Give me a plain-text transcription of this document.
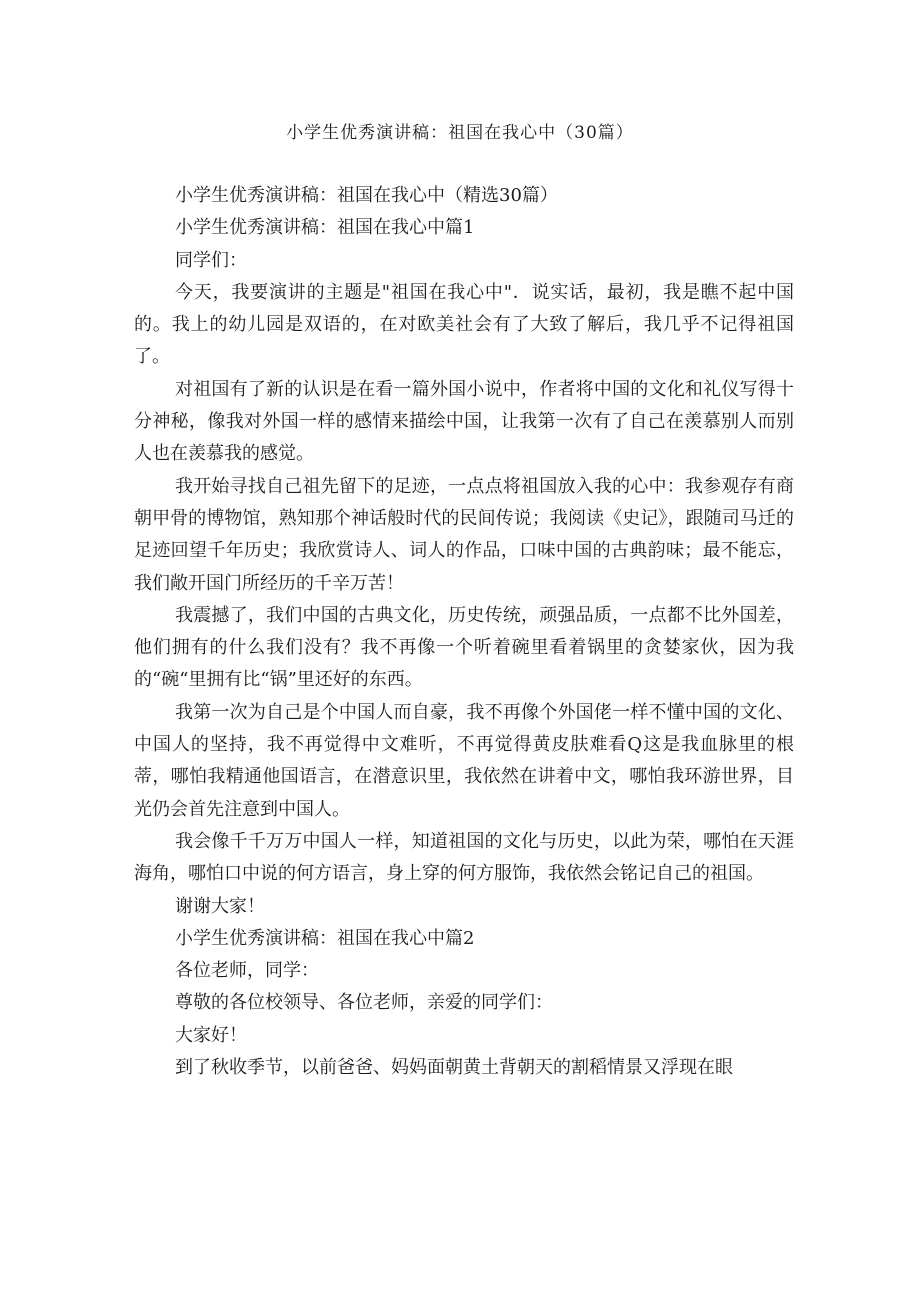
小学生优秀演讲稿：祖国在我心中（30篇）

小学生优秀演讲稿：祖国在我心中（精选30篇）

小学生优秀演讲稿：祖国在我心中篇1

同学们：

今天，我要演讲的主题是"祖国在我心中"．说实话，最初，我是瞧不起中国的。我上的幼儿园是双语的，在对欧美社会有了大致了解后，我几乎不记得祖国了。

对祖国有了新的认识是在看一篇外国小说中，作者将中国的文化和礼仪写得十分神秘，像我对外国一样的感情来描绘中国，让我第一次有了自己在羡慕别人而别人也在羡慕我的感觉。

我开始寻找自己祖先留下的足迹，一点点将祖国放入我的心中：我参观存有商朝甲骨的博物馆，熟知那个神话般时代的民间传说；我阅读《史记》，跟随司马迁的足迹回望千年历史；我欣赏诗人、词人的作品，口味中国的古典韵味；最不能忘，我们敞开国门所经历的千辛万苦！

我震撼了，我们中国的古典文化，历史传统，顽强品质，一点都不比外国差，他们拥有的什么我们没有？我不再像一个听着碗里看着锅里的贪婪家伙，因为我的“碗“里拥有比“锅”里还好的东西。

我第一次为自己是个中国人而自豪，我不再像个外国佬一样不懂中国的文化、中国人的坚持，我不再觉得中文难听，不再觉得黄皮肤难看Q这是我血脉里的根蒂，哪怕我精通他国语言，在潜意识里，我依然在讲着中文，哪怕我环游世界，目光仍会首先注意到中国人。

我会像千千万万中国人一样，知道祖国的文化与历史，以此为荣，哪怕在天涯海角，哪怕口中说的何方语言，身上穿的何方服饰，我依然会铭记自己的祖国。

谢谢大家！

小学生优秀演讲稿：祖国在我心中篇2

各位老师，同学：

尊敬的各位校领导、各位老师，亲爱的同学们：

大家好！

到了秋收季节，以前爸爸、妈妈面朝黄土背朝天的割稻情景又浮现在眼
